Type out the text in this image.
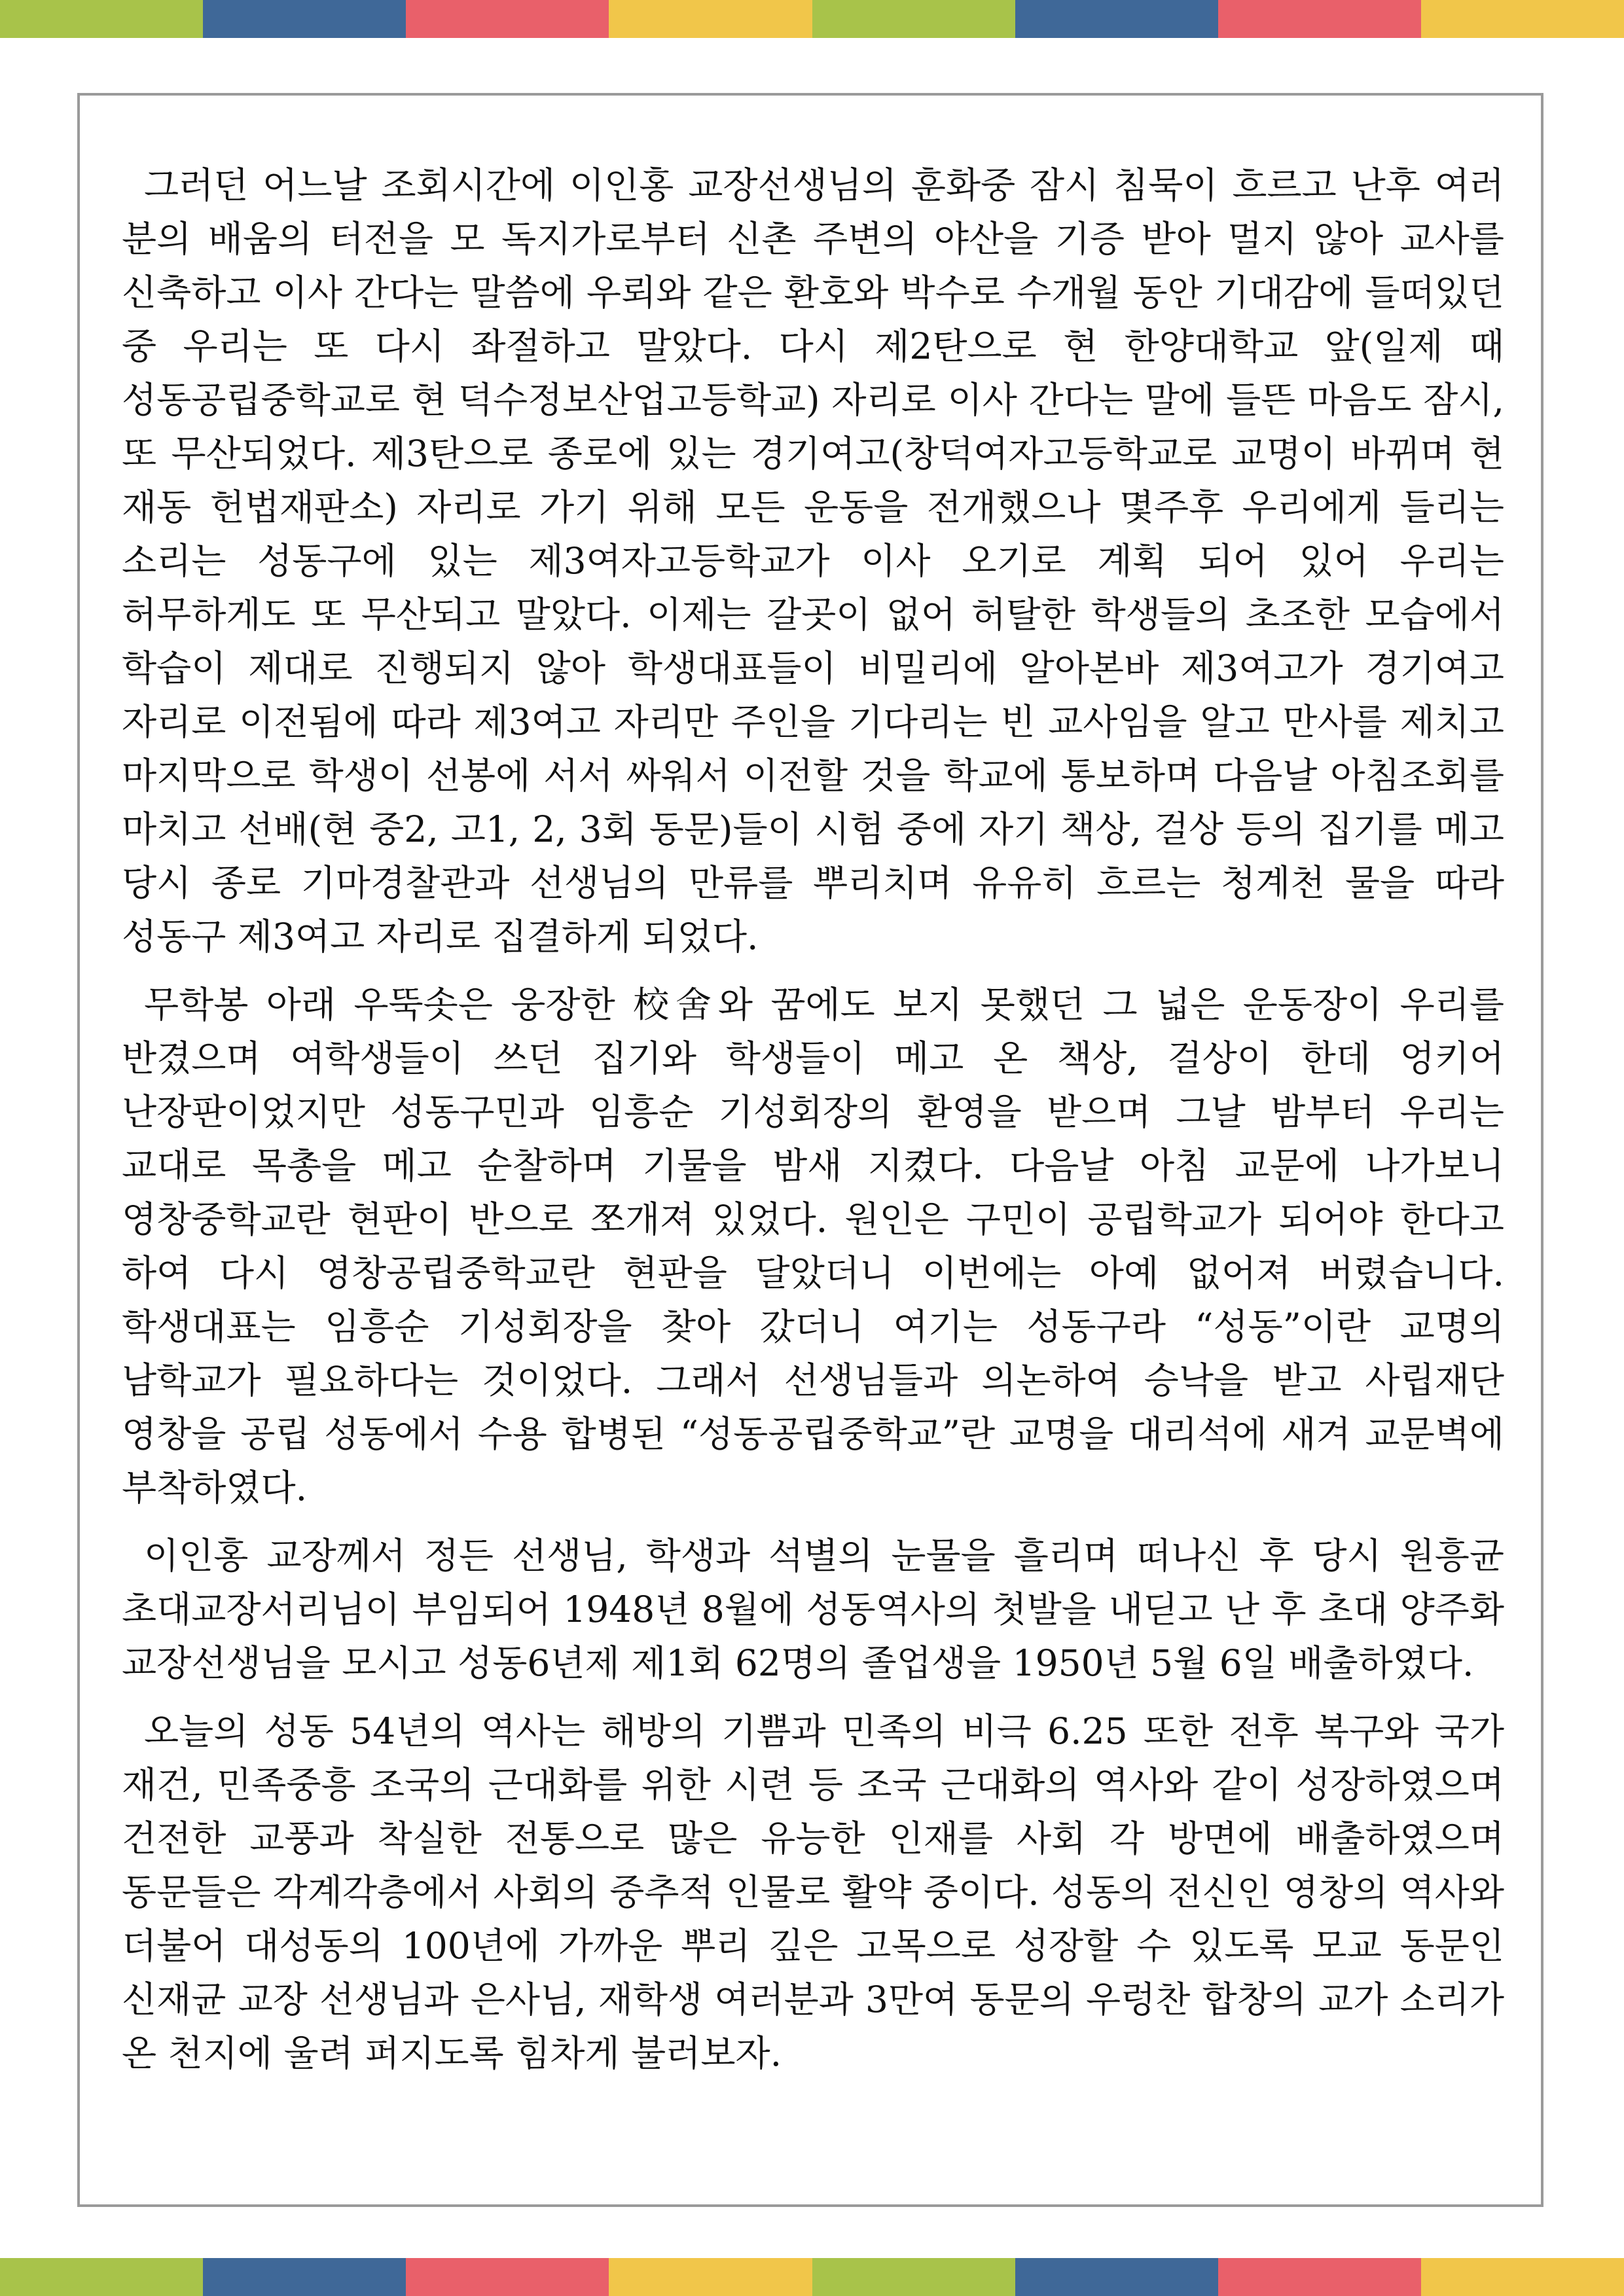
그러던 어느날 조회시간에 이인홍 교장선생님의 훈화중 잠시 침묵이 흐르고 난후 여러 분의 배움의 터전을 모 독지가로부터 신촌 주변의 야산을 기증 받아 멀지 않아 교사를 신축하고 이사 간다는 말씀에 우뢰와 같은 환호와 박수로 수개월 동안 기대감에 들떠있던 중 우리는 또 다시 좌절하고 말았다. 다시 제2탄으로 현 한양대학교 앞(일제 때 성동공립중학교로 현 덕수정보산업고등학교) 자리로 이사 간다는 말에 들뜬 마음도 잠시, 또 무산되었다. 제3탄으로 종로에 있는 경기여고(창덕여자고등학교로 교명이 바뀌며 현 재동 헌법재판소) 자리로 가기 위해 모든 운동을 전개했으나 몇주후 우리에게 들리는 소리는 성동구에 있는 제3여자고등학교가 이사 오기로 계획 되어 있어 우리는 허무하게도 또 무산되고 말았다. 이제는 갈곳이 없어 허탈한 학생들의 초조한 모습에서 학습이 제대로 진행되지 않아 학생대표들이 비밀리에 알아본바 제3여고가 경기여고 자리로 이전됨에 따라 제3여고 자리만 주인을 기다리는 빈 교사임을 알고 만사를 제치고 마지막으로 학생이 선봉에 서서 싸워서 이전할 것을 학교에 통보하며 다음날 아침조회를 마치고 선배(현 중2, 고1, 2, 3회 동문)들이 시험 중에 자기 책상, 걸상 등의 집기를 메고 당시 종로 기마경찰관과 선생님의 만류를 뿌리치며 유유히 흐르는 청계천 물을 따라 성동구 제3여고 자리로 집결하게 되었다.

무학봉 아래 우뚝솟은 웅장한 校舍와 꿈에도 보지 못했던 그 넓은 운동장이 우리를 반겼으며 여학생들이 쓰던 집기와 학생들이 메고 온 책상, 걸상이 한데 엉키어 난장판이었지만 성동구민과 임흥순 기성회장의 환영을 받으며 그날 밤부터 우리는 교대로 목총을 메고 순찰하며 기물을 밤새 지켰다. 다음날 아침 교문에 나가보니 영창중학교란 현판이 반으로 쪼개져 있었다. 원인은 구민이 공립학교가 되어야 한다고 하여 다시 영창공립중학교란 현판을 달았더니 이번에는 아예 없어져 버렸습니다. 학생대표는 임흥순 기성회장을 찾아 갔더니 여기는 성동구라 “성동”이란 교명의 남학교가 필요하다는 것이었다. 그래서 선생님들과 의논하여 승낙을 받고 사립재단 영창을 공립 성동에서 수용 합병된 “성동공립중학교”란 교명을 대리석에 새겨 교문벽에 부착하였다.

이인홍 교장께서 정든 선생님, 학생과 석별의 눈물을 흘리며 떠나신 후 당시 원흥균 초대교장서리님이 부임되어 1948년 8월에 성동역사의 첫발을 내딛고 난 후 초대 양주화 교장선생님을 모시고 성동6년제 제1회 62명의 졸업생을 1950년 5월 6일 배출하였다.

오늘의 성동 54년의 역사는 해방의 기쁨과 민족의 비극 6.25 또한 전후 복구와 국가 재건, 민족중흥 조국의 근대화를 위한 시련 등 조국 근대화의 역사와 같이 성장하였으며 건전한 교풍과 착실한 전통으로 많은 유능한 인재를 사회 각 방면에 배출하였으며 동문들은 각계각층에서 사회의 중추적 인물로 활약 중이다. 성동의 전신인 영창의 역사와 더불어 대성동의 100년에 가까운 뿌리 깊은 고목으로 성장할 수 있도록 모교 동문인 신재균 교장 선생님과 은사님, 재학생 여러분과 3만여 동문의 우렁찬 합창의 교가 소리가 온 천지에 울려 퍼지도록 힘차게 불러보자.
